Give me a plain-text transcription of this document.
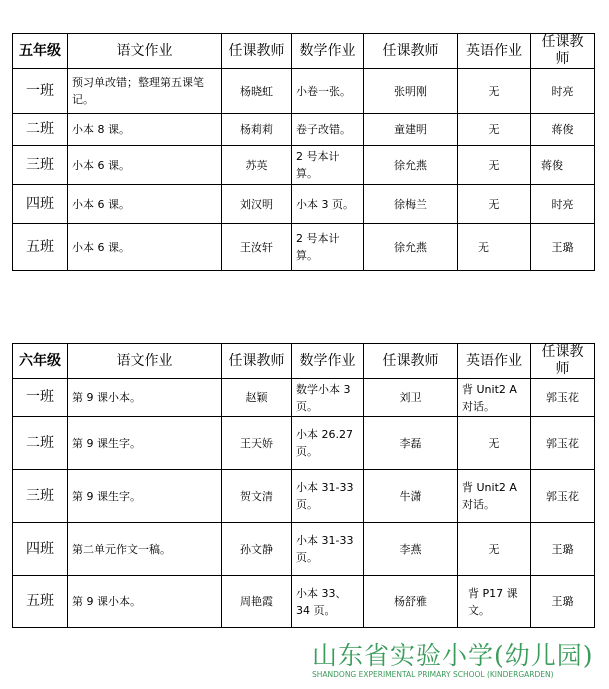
五年级	语文作业	任课教师	数学作业	任课教师	英语作业	任课教师
一班	预习单改错；整理第五课笔记。	杨晓虹	小卷一张。	张明刚	无	时亮
二班	小本 8 课。	杨莉莉	卷子改错。	童建明	无	蒋俊
三班	小本 6 课。	苏英	2 号本计算。	徐允燕	无	蒋俊
四班	小本 6 课。	刘汉明	小本 3 页。	徐梅兰	无	时亮
五班	小本 6 课。	王汝轩	2 号本计算。	徐允燕	无	王璐
六年级	语文作业	任课教师	数学作业	任课教师	英语作业	任课教师
一班	第 9 课小本。	赵颖	数学小本 3 页。	刘卫	背 Unit2 A 对话。	郭玉花
二班	第 9 课生字。	王天娇	小本 26.27 页。	李磊	无	郭玉花
三班	第 9 课生字。	贺文清	小本 31-33 页。	牛潇	背 Unit2 A 对话。	郭玉花
四班	第二单元作文一稿。	孙文静	小本 31-33 页。	李燕	无	王璐
五班	第 9 课小本。	周艳霞	小本 33、34 页。	杨舒雅	背 P17 课文。	王璐
山东省实验小学(幼儿园)
SHANDONG EXPERIMENTAL PRIMARY SCHOOL (KINDERGARDEN)
